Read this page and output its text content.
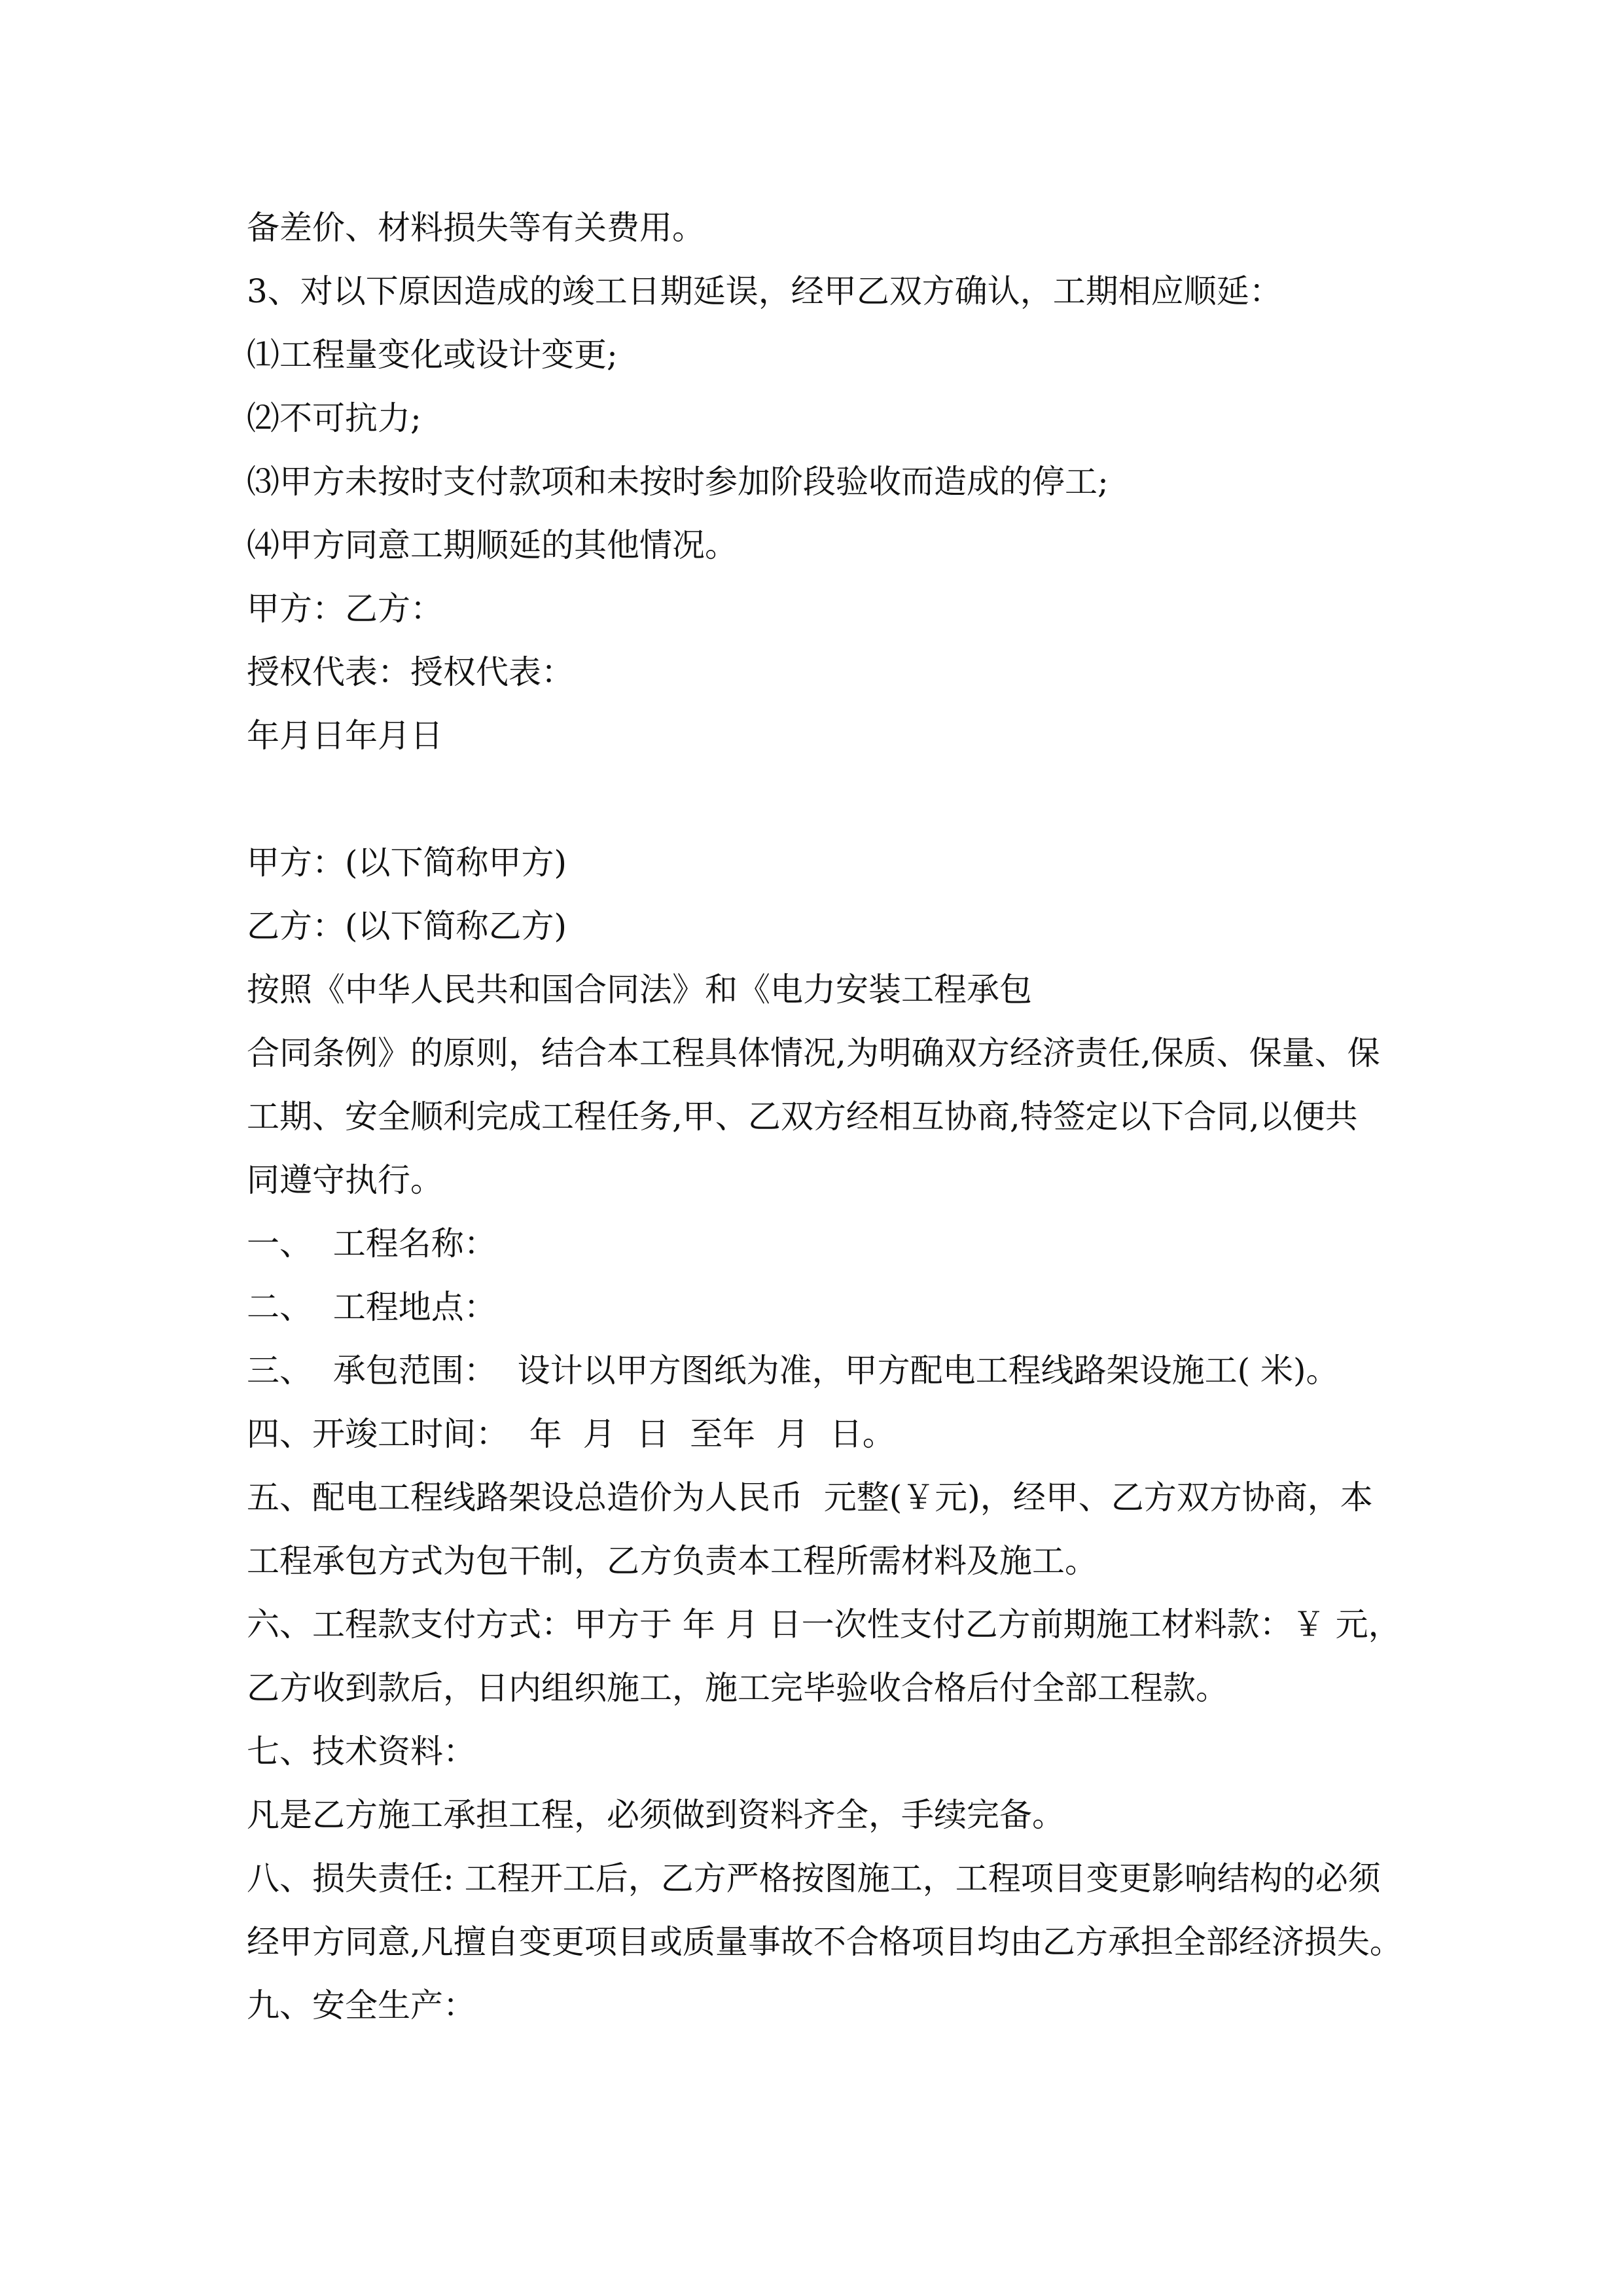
备差价、材料损失等有关费用。
3、对以下原因造成的竣工日期延误，经甲乙双方确认，工期相应顺延：
⑴工程量变化或设计变更;
⑵不可抗力;
⑶甲方未按时支付款项和未按时参加阶段验收而造成的停工;
⑷甲方同意工期顺延的其他情况。
甲方：乙方：
授权代表：授权代表：
年月日年月日
甲方：(以下简称甲方)
乙方：(以下简称乙方)
按照《中华人民共和国合同法》和《电力安装工程承包
合同条例》的原则，结合本工程具体情况,为明确双方经济责任,保质、保量、保
工期、安全顺利完成工程任务,甲、乙双方经相互协商,特签定以下合同,以便共
同遵守执行。
一、  工程名称：
二、  工程地点：
三、  承包范围：  设计以甲方图纸为准，甲方配电工程线路架设施工( 米)。
四、开竣工时间：  年  月  日  至年  月  日。
五、配电工程线路架设总造价为人民币  元整(￥元)，经甲、乙方双方协商，本
工程承包方式为包干制，乙方负责本工程所需材料及施工。
六、工程款支付方式：甲方于 年 月 日一次性支付乙方前期施工材料款：￥ 元，
乙方收到款后，日内组织施工，施工完毕验收合格后付全部工程款。
七、技术资料：
凡是乙方施工承担工程，必须做到资料齐全，手续完备。
八、损失责任: 工程开工后，乙方严格按图施工，工程项目变更影响结构的必须
经甲方同意,凡擅自变更项目或质量事故不合格项目均由乙方承担全部经济损失。
九、安全生产：
